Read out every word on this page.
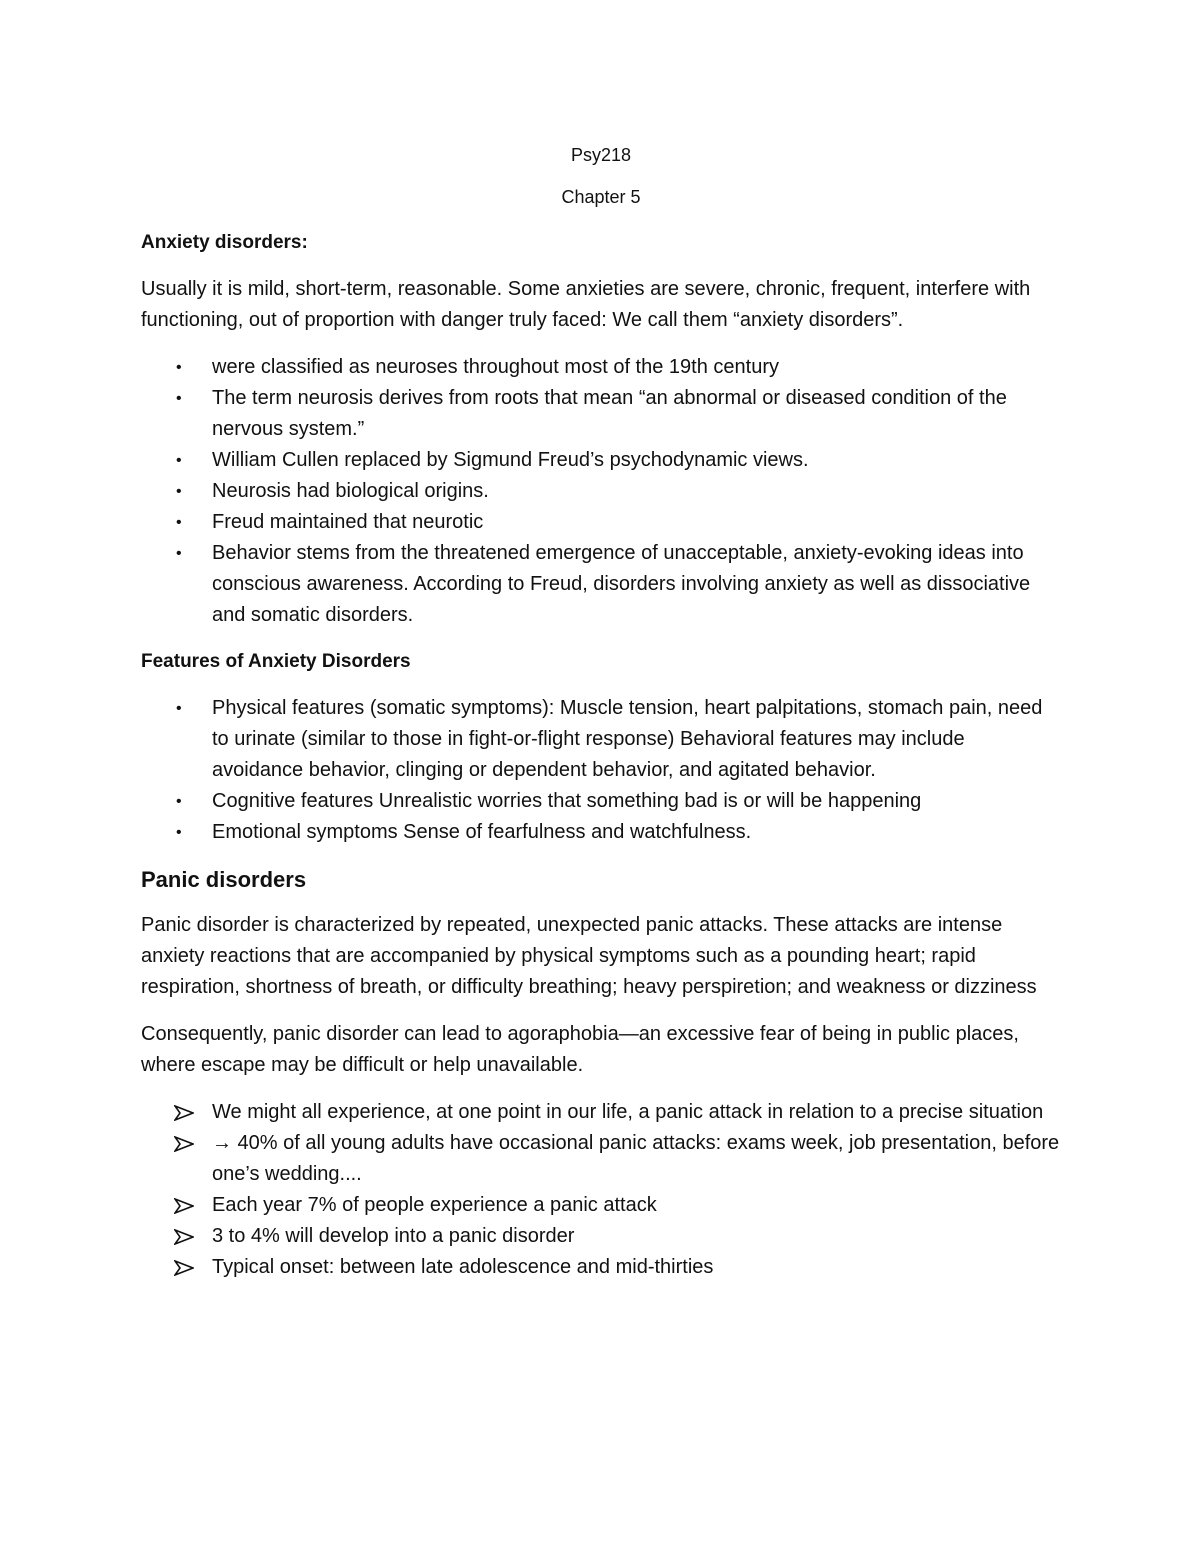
Psy218

Chapter 5

Anxiety disorders:

Usually it is mild, short-term, reasonable. Some anxieties are severe, chronic, frequent, interfere with functioning, out of proportion with danger truly faced: We call them “anxiety disorders”.

•	were classified as neuroses throughout most of the 19th century
•	The term neurosis derives from roots that mean “an abnormal or diseased condition of the nervous system.”
•	William Cullen replaced by Sigmund Freud’s psychodynamic views.
•	Neurosis had biological origins.
•	Freud maintained that neurotic
•	Behavior stems from the threatened emergence of unacceptable, anxiety-evoking ideas into conscious awareness. According to Freud, disorders involving anxiety as well as dissociative and somatic disorders.

Features of Anxiety Disorders

•	Physical features (somatic symptoms): Muscle tension, heart palpitations, stomach pain, need to urinate (similar to those in fight-or-flight response) Behavioral features may include avoidance behavior, clinging or dependent behavior, and agitated behavior.
•	Cognitive features Unrealistic worries that something bad is or will be happening
•	Emotional symptoms Sense of fearfulness and watchfulness.

Panic disorders

Panic disorder is characterized by repeated, unexpected panic attacks. These attacks are intense anxiety reactions that are accompanied by physical symptoms such as a pounding heart; rapid respiration, shortness of breath, or difficulty breathing; heavy perspiretion; and weakness or dizziness

Consequently, panic disorder can lead to agoraphobia—an excessive fear of being in public places, where escape may be difficult or help unavailable.

We might all experience, at one point in our life, a panic attack in relation to a precise situation
→ 40% of all young adults have occasional panic attacks: exams week, job presentation, before one’s wedding....
Each year 7% of people experience a panic attack
3 to 4% will develop into a panic disorder
Typical onset: between late adolescence and mid-thirties
